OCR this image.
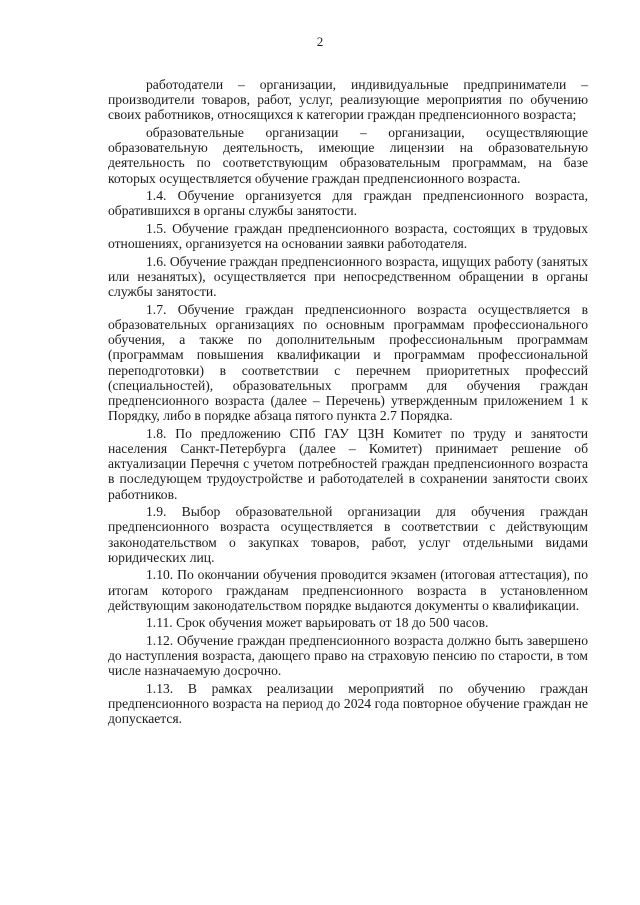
2

работодатели – организации, индивидуальные предприниматели – производители товаров, работ, услуг, реализующие мероприятия по обучению своих работников, относящихся к категории граждан предпенсионного возраста;

образовательные организации – организации, осуществляющие образовательную деятельность, имеющие лицензии на образовательную деятельность по соответствующим образовательным программам, на базе которых осуществляется обучение граждан предпенсионного возраста.

1.4. Обучение организуется для граждан предпенсионного возраста, обратившихся в органы службы занятости.

1.5. Обучение граждан предпенсионного возраста, состоящих в трудовых отношениях, организуется на основании заявки работодателя.

1.6. Обучение граждан предпенсионного возраста, ищущих работу (занятых или незанятых), осуществляется при непосредственном обращении в органы службы занятости.

1.7. Обучение граждан предпенсионного возраста осуществляется в образовательных организациях по основным программам профессионального обучения, а также по дополнительным профессиональным программам (программам повышения квалификации и программам профессиональной переподготовки) в соответствии с перечнем приоритетных профессий (специальностей), образовательных программ для обучения граждан предпенсионного возраста (далее – Перечень) утвержденным приложением 1 к Порядку, либо в порядке абзаца пятого пункта 2.7 Порядка.

1.8. По предложению СПб ГАУ ЦЗН Комитет по труду и занятости населения Санкт-Петербурга (далее – Комитет) принимает решение об актуализации Перечня с учетом потребностей граждан предпенсионного возраста в последующем трудоустройстве и работодателей в сохранении занятости своих работников.

1.9. Выбор образовательной организации для обучения граждан предпенсионного возраста осуществляется в соответствии с действующим законодательством о закупках товаров, работ, услуг отдельными видами юридических лиц.

1.10. По окончании обучения проводится экзамен (итоговая аттестация), по итогам которого гражданам предпенсионного возраста в установленном действующим законодательством порядке выдаются документы о квалификации.

1.11. Срок обучения может варьировать от 18 до 500 часов.

1.12. Обучение граждан предпенсионного возраста должно быть завершено до наступления возраста, дающего право на страховую пенсию по старости, в том числе назначаемую досрочно.

1.13. В рамках реализации мероприятий по обучению граждан предпенсионного возраста на период до 2024 года повторное обучение граждан не допускается.
